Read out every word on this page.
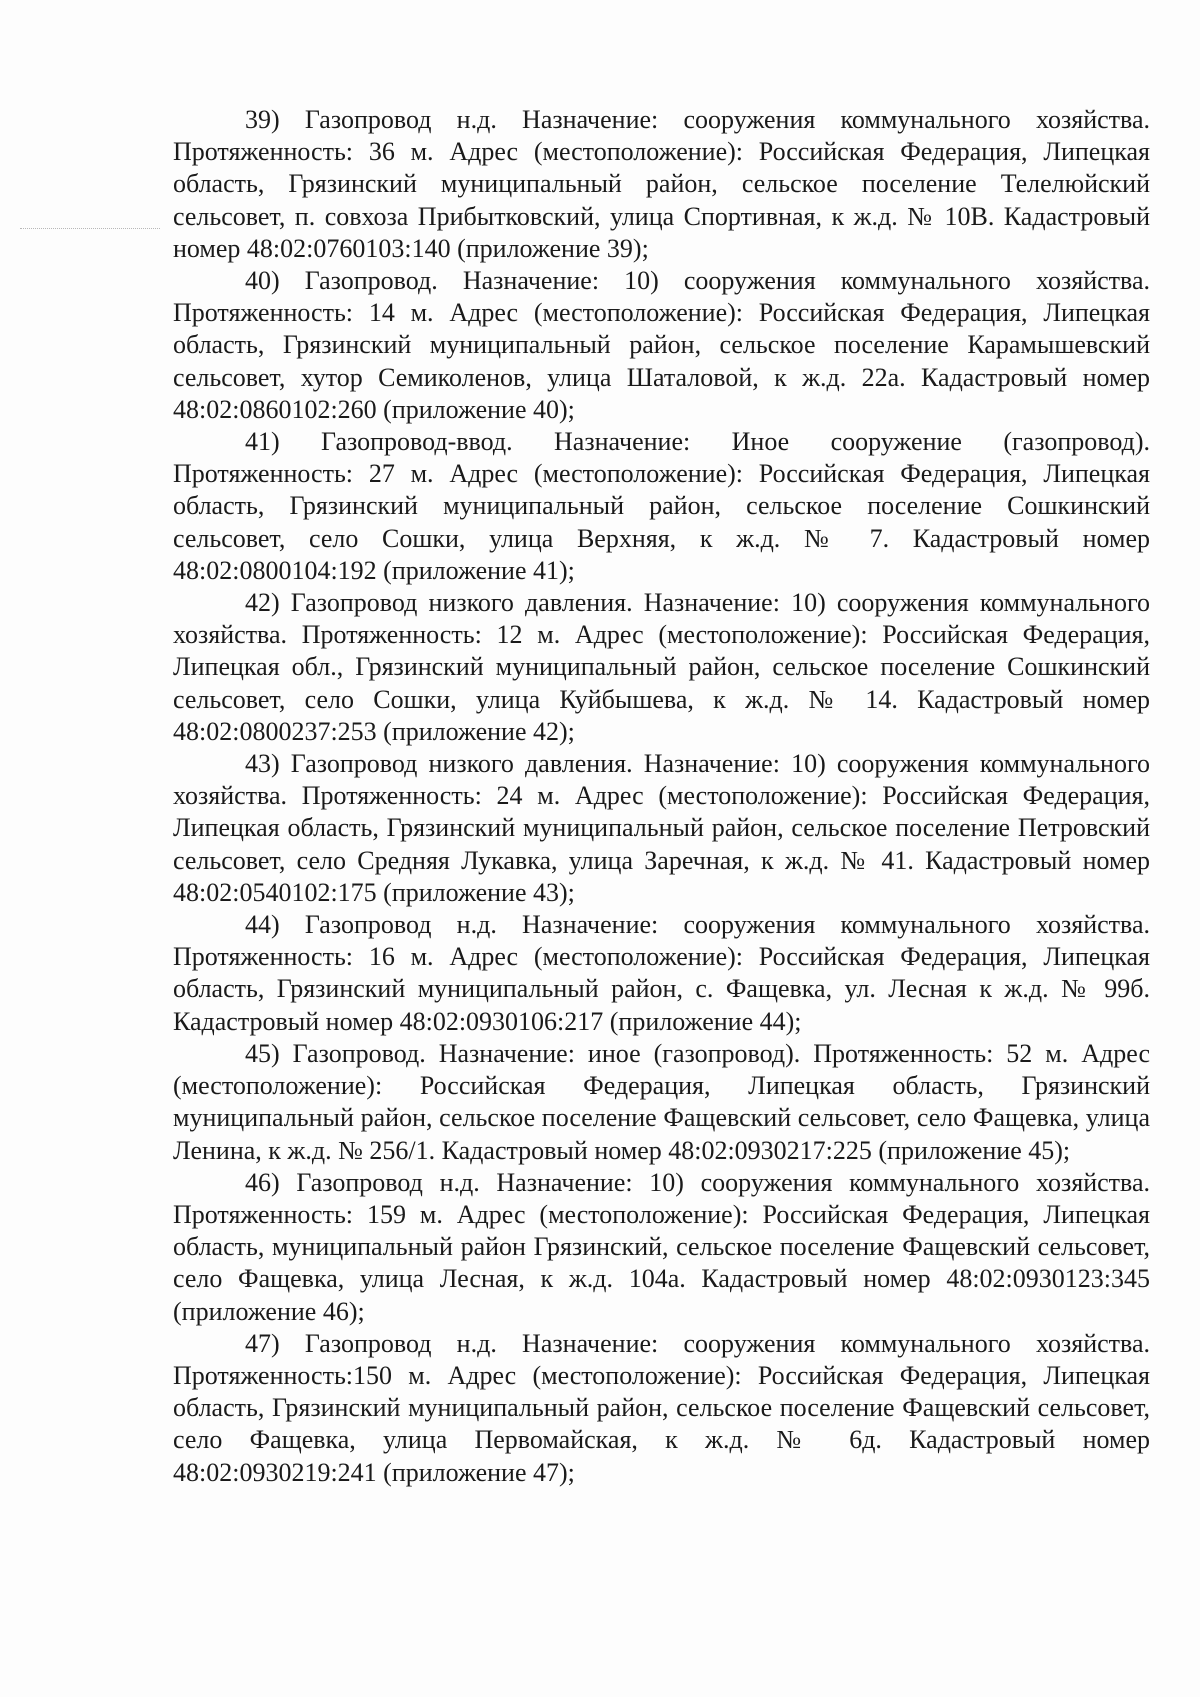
39) Газопровод н.д. Назначение: сооружения коммунального хозяйства. Протяженность: 36 м. Адрес (местоположение): Российская Федерация, Липецкая область, Грязинский муниципальный район, сельское поселение Телелюйский сельсовет, п. совхоза Прибытковский, улица Спортивная, к ж.д. № 10В. Кадастровый номер 48:02:0760103:140 (приложение 39);

40) Газопровод. Назначение: 10) сооружения коммунального хозяйства. Протяженность: 14 м. Адрес (местоположение): Российская Федерация, Липецкая область, Грязинский муниципальный район, сельское поселение Карамышевский сельсовет, хутор Семиколенов, улица Шаталовой, к ж.д. 22а. Кадастровый номер 48:02:0860102:260 (приложение 40);

41) Газопровод-ввод. Назначение: Иное сооружение (газопровод). Протяженность: 27 м. Адрес (местоположение): Российская Федерация, Липецкая область, Грязинский муниципальный район, сельское поселение Сошкинский сельсовет, село Сошки, улица Верхняя, к ж.д. № 7. Кадастровый номер 48:02:0800104:192 (приложение 41);

42) Газопровод низкого давления. Назначение: 10) сооружения коммунального хозяйства. Протяженность: 12 м. Адрес (местоположение): Российская Федерация, Липецкая обл., Грязинский муниципальный район, сельское поселение Сошкинский сельсовет, село Сошки, улица Куйбышева, к ж.д. № 14. Кадастровый номер 48:02:0800237:253 (приложение 42);

43) Газопровод низкого давления. Назначение: 10) сооружения коммунального хозяйства. Протяженность: 24 м. Адрес (местоположение): Российская Федерация, Липецкая область, Грязинский муниципальный район, сельское поселение Петровский сельсовет, село Средняя Лукавка, улица Заречная, к ж.д. № 41. Кадастровый номер 48:02:0540102:175 (приложение 43);

44) Газопровод н.д. Назначение: сооружения коммунального хозяйства. Протяженность: 16 м. Адрес (местоположение): Российская Федерация, Липецкая область, Грязинский муниципальный район, с. Фащевка, ул. Лесная к ж.д. № 99б. Кадастровый номер 48:02:0930106:217 (приложение 44);

45) Газопровод. Назначение: иное (газопровод). Протяженность: 52 м. Адрес (местоположение): Российская Федерация, Липецкая область, Грязинский муниципальный район, сельское поселение Фащевский сельсовет, село Фащевка, улица Ленина, к ж.д. № 256/1. Кадастровый номер 48:02:0930217:225 (приложение 45);

46) Газопровод н.д. Назначение: 10) сооружения коммунального хозяйства. Протяженность: 159 м. Адрес (местоположение): Российская Федерация, Липецкая область, муниципальный район Грязинский, сельское поселение Фащевский сельсовет, село Фащевка, улица Лесная, к ж.д. 104а. Кадастровый номер 48:02:0930123:345 (приложение 46);

47) Газопровод н.д. Назначение: сооружения коммунального хозяйства. Протяженность:150 м. Адрес (местоположение): Российская Федерация, Липецкая область, Грязинский муниципальный район, сельское поселение Фащевский сельсовет, село Фащевка, улица Первомайская, к ж.д. № 6д. Кадастровый номер 48:02:0930219:241 (приложение 47);
